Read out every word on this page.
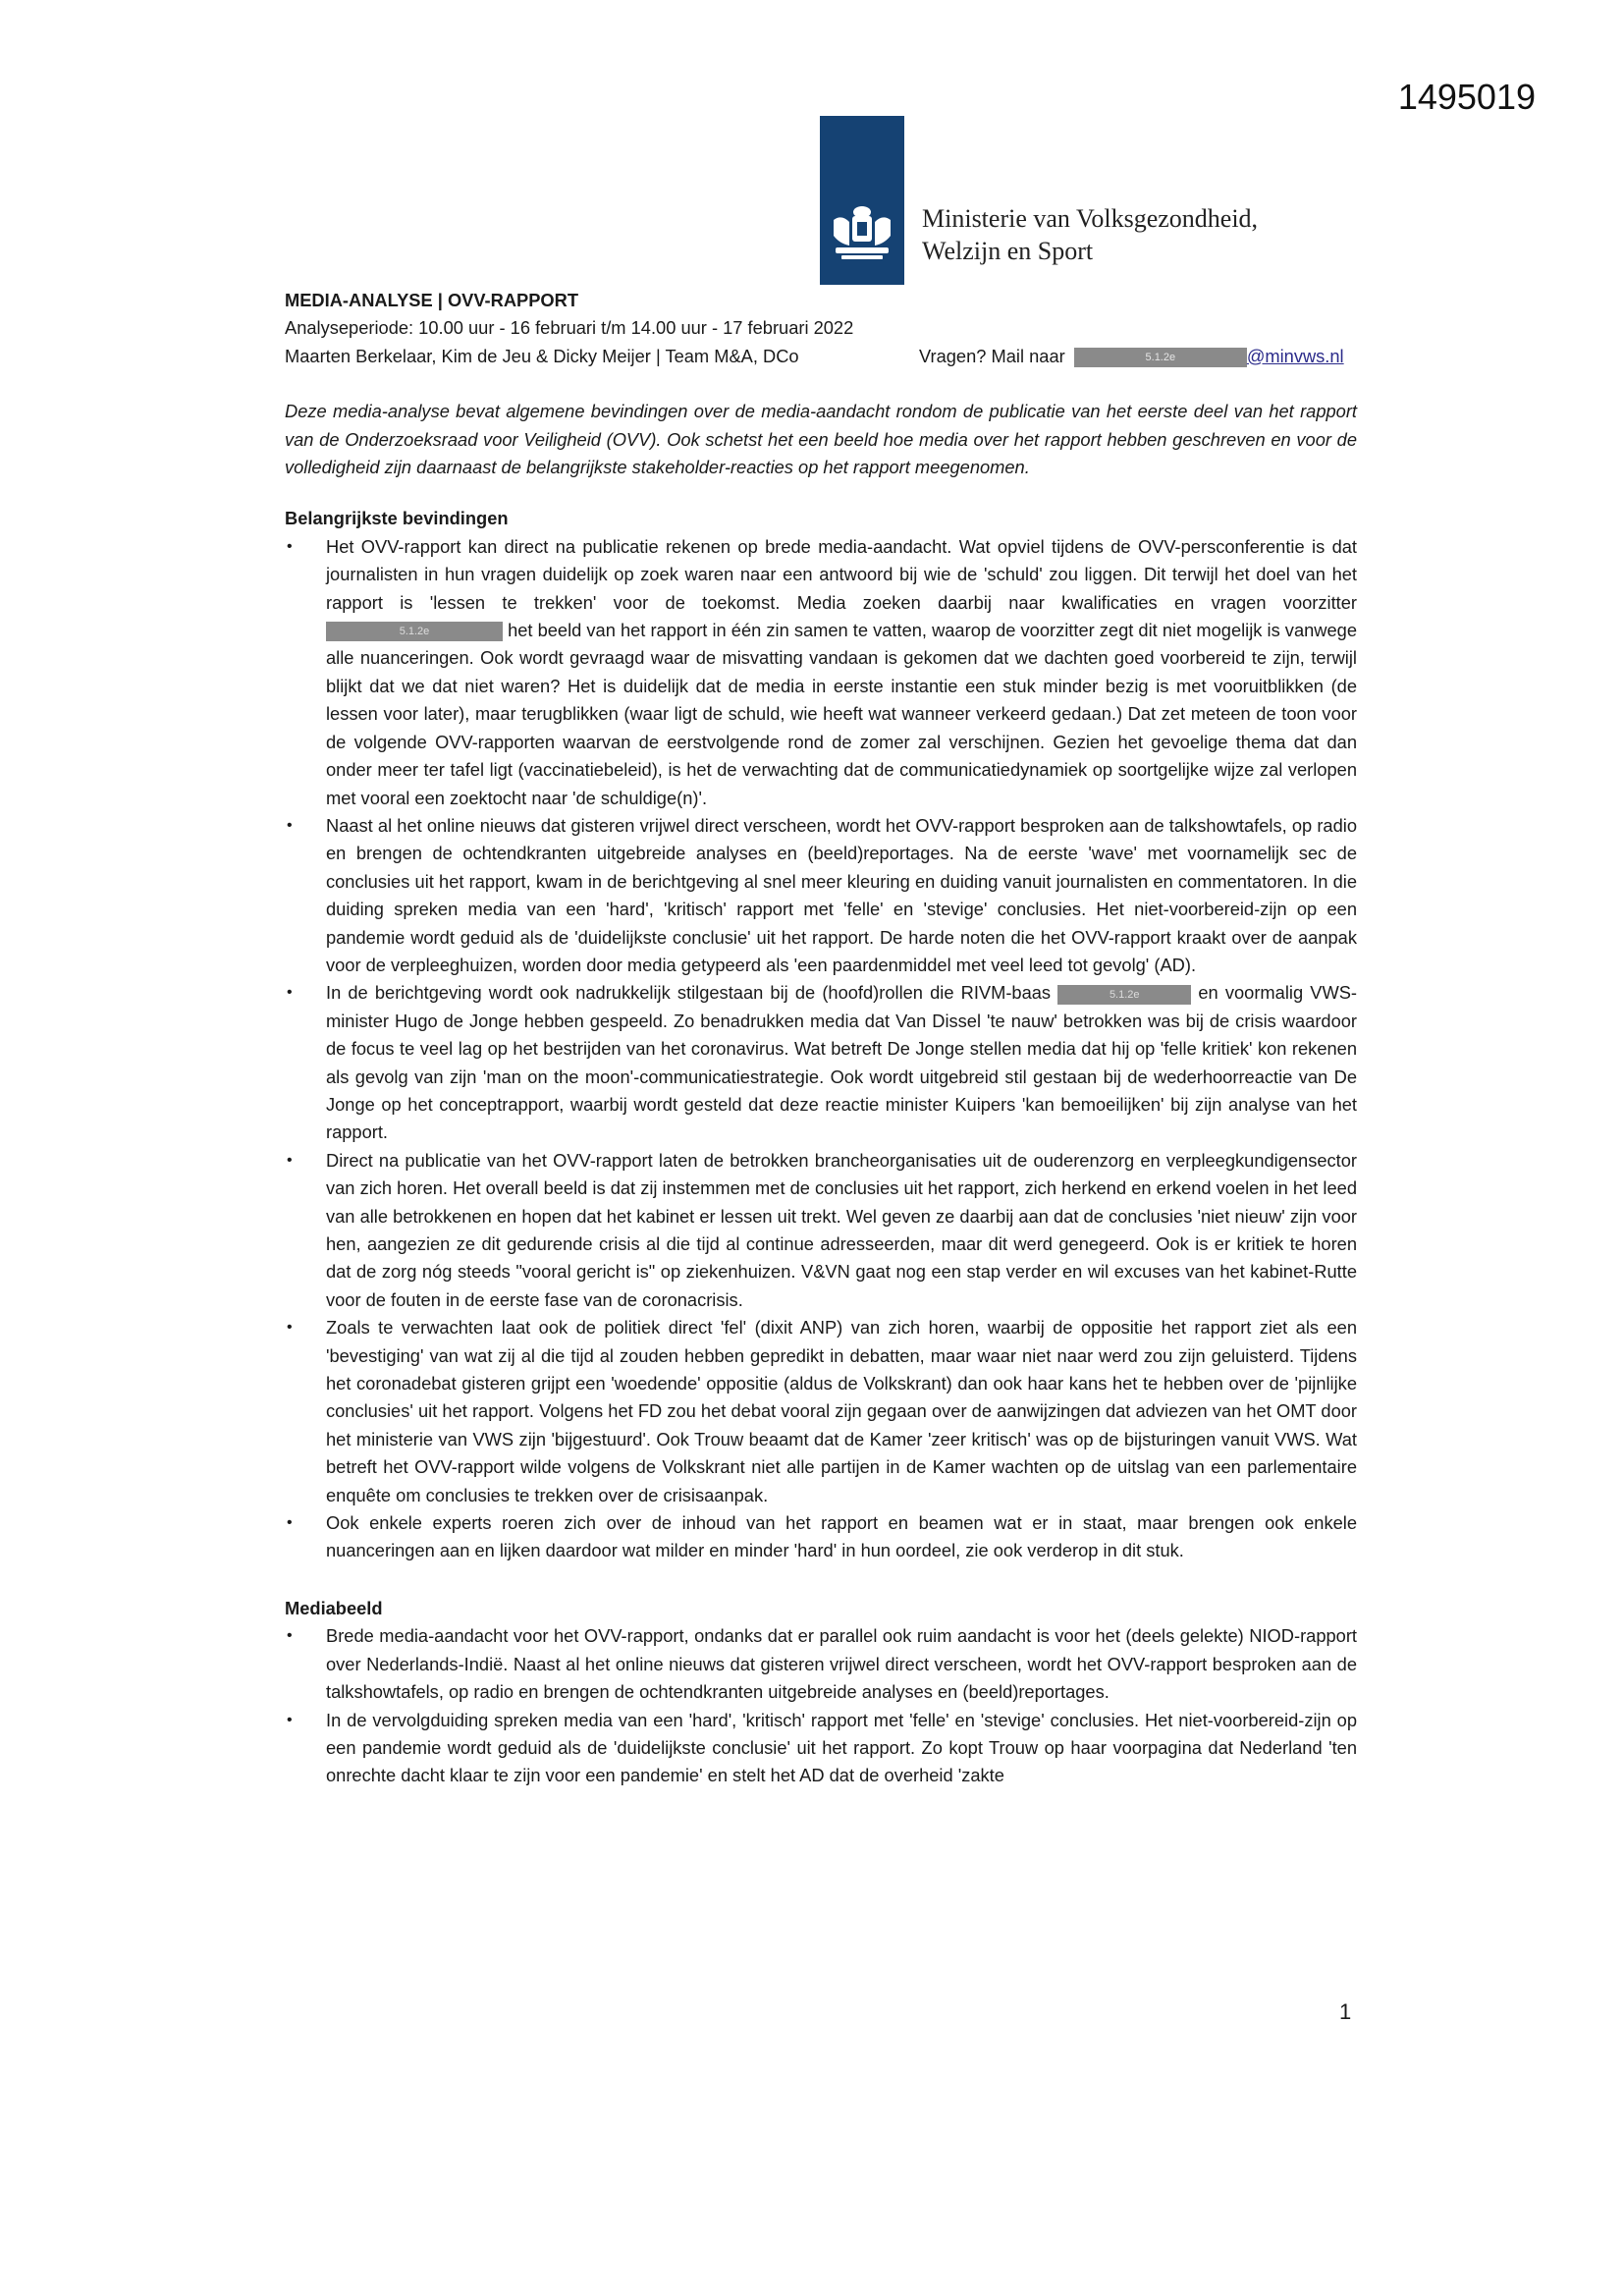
1495019
Ministerie van Volksgezondheid,
Welzijn en Sport
MEDIA-ANALYSE | OVV-RAPPORT
Analyseperiode: 10.00 uur - 16 februari t/m 14.00 uur - 17 februari 2022
Maarten Berkelaar, Kim de Jeu & Dicky Meijer | Team M&A, DCo	Vragen? Mail naar	5.1.2e	@minvws.nl

Deze media-analyse bevat algemene bevindingen over de media-aandacht rondom de publicatie van het eerste deel van het rapport van de Onderzoeksraad voor Veiligheid (OVV). Ook schetst het een beeld hoe media over het rapport hebben geschreven en voor de volledigheid zijn daarnaast de belangrijkste stakeholder-reacties op het rapport meegenomen.

Belangrijkste bevindingen
• Het OVV-rapport kan direct na publicatie rekenen op brede media-aandacht. Wat opviel tijdens de OVV-persconferentie is dat journalisten in hun vragen duidelijk op zoek waren naar een antwoord bij wie de 'schuld' zou liggen. Dit terwijl het doel van het rapport is 'lessen te trekken' voor de toekomst. Media zoeken daarbij naar kwalificaties en vragen voorzitter 5.1.2e	het beeld van het rapport in één zin samen te vatten, waarop de voorzitter zegt dit niet mogelijk is vanwege alle nuanceringen. Ook wordt gevraagd waar de misvatting vandaan is gekomen dat we dachten goed voorbereid te zijn, terwijl blijkt dat we dat niet waren? Het is duidelijk dat de media in eerste instantie een stuk minder bezig is met vooruitblikken (de lessen voor later), maar terugblikken (waar ligt de schuld, wie heeft wat wanneer verkeerd gedaan.) Dat zet meteen de toon voor de volgende OVV-rapporten waarvan de eerstvolgende rond de zomer zal verschijnen. Gezien het gevoelige thema dat dan onder meer ter tafel ligt (vaccinatiebeleid), is het de verwachting dat de communicatiedynamiek op soortgelijke wijze zal verlopen met vooral een zoektocht naar 'de schuldige(n)'.
• Naast al het online nieuws dat gisteren vrijwel direct verscheen, wordt het OVV-rapport besproken aan de talkshowtafels, op radio en brengen de ochtendkranten uitgebreide analyses en (beeld)reportages. Na de eerste 'wave' met voornamelijk sec de conclusies uit het rapport, kwam in de berichtgeving al snel meer kleuring en duiding vanuit journalisten en commentatoren. In die duiding spreken media van een 'hard', 'kritisch' rapport met 'felle' en 'stevige' conclusies. Het niet-voorbereid-zijn op een pandemie wordt geduid als de 'duidelijkste conclusie' uit het rapport. De harde noten die het OVV-rapport kraakt over de aanpak voor de verpleeghuizen, worden door media getypeerd als 'een paardenmiddel met veel leed tot gevolg' (AD).
• In de berichtgeving wordt ook nadrukkelijk stilgestaan bij de (hoofd)rollen die RIVM-baas	5.1.2e	en voormalig VWS-minister Hugo de Jonge hebben gespeeld. Zo benadrukken media dat Van Dissel 'te nauw' betrokken was bij de crisis waardoor de focus te veel lag op het bestrijden van het coronavirus. Wat betreft De Jonge stellen media dat hij op 'felle kritiek' kon rekenen als gevolg van zijn 'man on the moon'-communicatiestrategie. Ook wordt uitgebreid stil gestaan bij de wederhoorreactie van De Jonge op het conceptrapport, waarbij wordt gesteld dat deze reactie minister Kuipers 'kan bemoeilijken' bij zijn analyse van het rapport.
• Direct na publicatie van het OVV-rapport laten de betrokken brancheorganisaties uit de ouderenzorg en verpleegkundigensector van zich horen. Het overall beeld is dat zij instemmen met de conclusies uit het rapport, zich herkend en erkend voelen in het leed van alle betrokkenen en hopen dat het kabinet er lessen uit trekt. Wel geven ze daarbij aan dat de conclusies 'niet nieuw' zijn voor hen, aangezien ze dit gedurende crisis al die tijd al continue adresseerden, maar dit werd genegeerd. Ook is er kritiek te horen dat de zorg nóg steeds "vooral gericht is" op ziekenhuizen. V&VN gaat nog een stap verder en wil excuses van het kabinet-Rutte voor de fouten in de eerste fase van de coronacrisis.
• Zoals te verwachten laat ook de politiek direct 'fel' (dixit ANP) van zich horen, waarbij de oppositie het rapport ziet als een 'bevestiging' van wat zij al die tijd al zouden hebben gepredikt in debatten, maar waar niet naar werd zou zijn geluisterd. Tijdens het coronadebat gisteren grijpt een 'woedende' oppositie (aldus de Volkskrant) dan ook haar kans het te hebben over de 'pijnlijke conclusies' uit het rapport. Volgens het FD zou het debat vooral zijn gegaan over de aanwijzingen dat adviezen van het OMT door het ministerie van VWS zijn 'bijgestuurd'. Ook Trouw beaamt dat de Kamer 'zeer kritisch' was op de bijsturingen vanuit VWS. Wat betreft het OVV-rapport wilde volgens de Volkskrant niet alle partijen in de Kamer wachten op de uitslag van een parlementaire enquête om conclusies te trekken over de crisisaanpak.
• Ook enkele experts roeren zich over de inhoud van het rapport en beamen wat er in staat, maar brengen ook enkele nuanceringen aan en lijken daardoor wat milder en minder 'hard' in hun oordeel, zie ook verderop in dit stuk.
Mediabeeld
• Brede media-aandacht voor het OVV-rapport, ondanks dat er parallel ook ruim aandacht is voor het (deels gelekte) NIOD-rapport over Nederlands-Indië. Naast al het online nieuws dat gisteren vrijwel direct verscheen, wordt het OVV-rapport besproken aan de talkshowtafels, op radio en brengen de ochtendkranten uitgebreide analyses en (beeld)reportages.
• In de vervolgduiding spreken media van een 'hard', 'kritisch' rapport met 'felle' en 'stevige' conclusies. Het niet-voorbereid-zijn op een pandemie wordt geduid als de 'duidelijkste conclusie' uit het rapport. Zo kopt Trouw op haar voorpagina dat Nederland 'ten onrechte dacht klaar te zijn voor een pandemie' en stelt het AD dat de overheid 'zakte
1
